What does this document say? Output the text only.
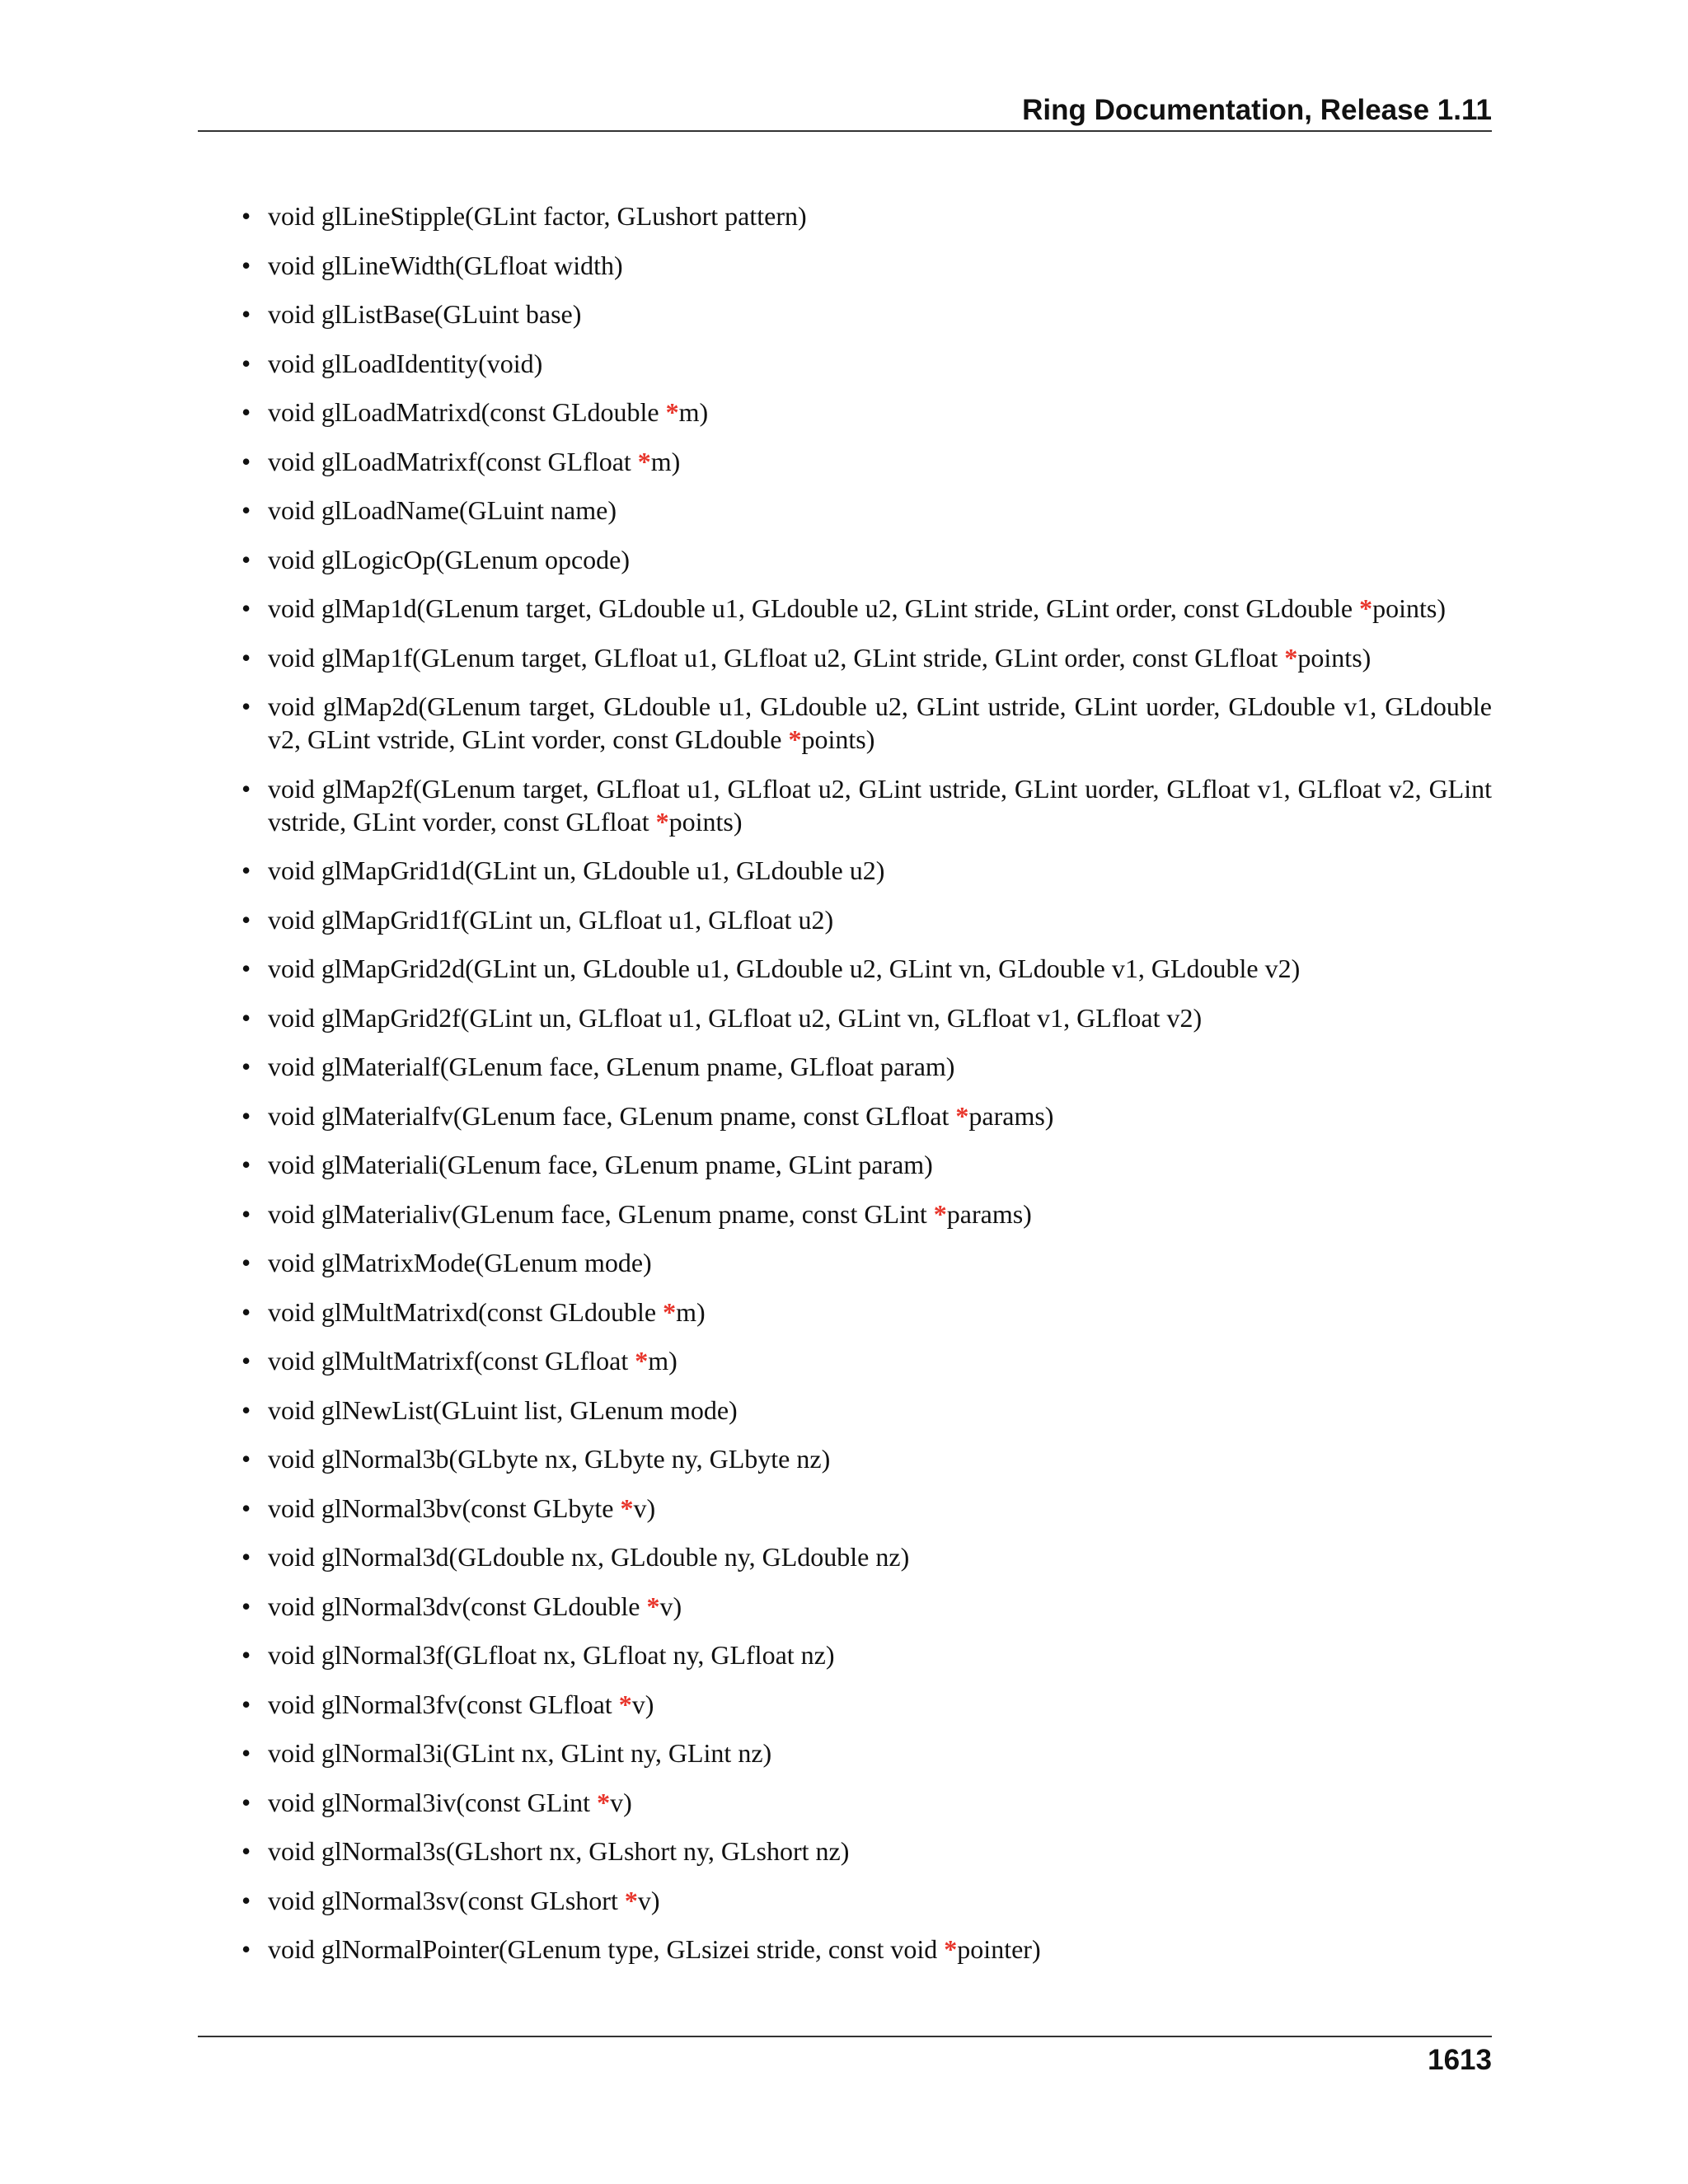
Ring Documentation, Release 1.11
• void glLineStipple(GLint factor, GLushort pattern)
• void glLineWidth(GLfloat width)
• void glListBase(GLuint base)
• void glLoadIdentity(void)
• void glLoadMatrixd(const GLdouble *m)
• void glLoadMatrixf(const GLfloat *m)
• void glLoadName(GLuint name)
• void glLogicOp(GLenum opcode)
• void glMap1d(GLenum target, GLdouble u1, GLdouble u2, GLint stride, GLint order, const GLdouble *points)
• void glMap1f(GLenum target, GLfloat u1, GLfloat u2, GLint stride, GLint order, const GLfloat *points)
• void glMap2d(GLenum target, GLdouble u1, GLdouble u2, GLint ustride, GLint uorder, GLdouble v1, GLdouble v2, GLint vstride, GLint vorder, const GLdouble *points)
• void glMap2f(GLenum target, GLfloat u1, GLfloat u2, GLint ustride, GLint uorder, GLfloat v1, GLfloat v2, GLint vstride, GLint vorder, const GLfloat *points)
• void glMapGrid1d(GLint un, GLdouble u1, GLdouble u2)
• void glMapGrid1f(GLint un, GLfloat u1, GLfloat u2)
• void glMapGrid2d(GLint un, GLdouble u1, GLdouble u2, GLint vn, GLdouble v1, GLdouble v2)
• void glMapGrid2f(GLint un, GLfloat u1, GLfloat u2, GLint vn, GLfloat v1, GLfloat v2)
• void glMaterialf(GLenum face, GLenum pname, GLfloat param)
• void glMaterialfv(GLenum face, GLenum pname, const GLfloat *params)
• void glMateriali(GLenum face, GLenum pname, GLint param)
• void glMaterialiv(GLenum face, GLenum pname, const GLint *params)
• void glMatrixMode(GLenum mode)
• void glMultMatrixd(const GLdouble *m)
• void glMultMatrixf(const GLfloat *m)
• void glNewList(GLuint list, GLenum mode)
• void glNormal3b(GLbyte nx, GLbyte ny, GLbyte nz)
• void glNormal3bv(const GLbyte *v)
• void glNormal3d(GLdouble nx, GLdouble ny, GLdouble nz)
• void glNormal3dv(const GLdouble *v)
• void glNormal3f(GLfloat nx, GLfloat ny, GLfloat nz)
• void glNormal3fv(const GLfloat *v)
• void glNormal3i(GLint nx, GLint ny, GLint nz)
• void glNormal3iv(const GLint *v)
• void glNormal3s(GLshort nx, GLshort ny, GLshort nz)
• void glNormal3sv(const GLshort *v)
• void glNormalPointer(GLenum type, GLsizei stride, const void *pointer)
1613
